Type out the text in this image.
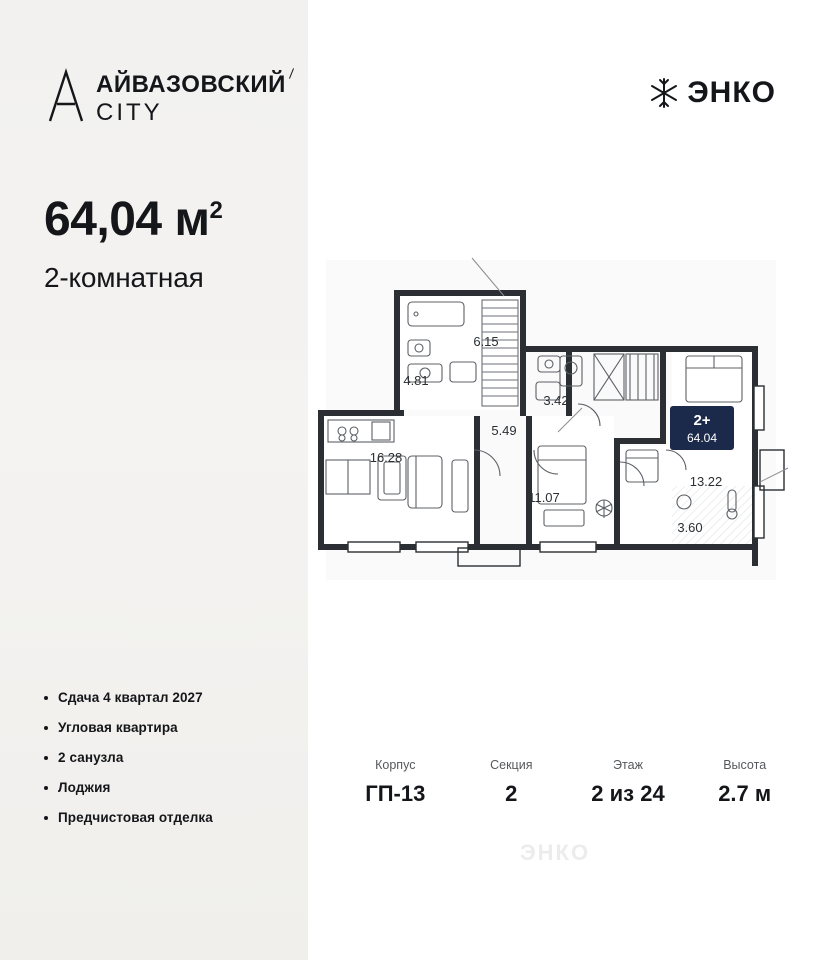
АЙВАЗОВСКИЙ
CITY
64,04 $м^2$
2-комнатная
Сдача 4 квартал 2027
Угловая квартира
2 санузла
Лоджия
Предчистовая отделка
ЭНКО
4.81
6.15
5.49
3.42
16.28
11.07
13.22
3.60
2+
64.04
Корпус
ГП-13
Секция
2
Этаж
2 из 24
Высота
2.7 м
ЭНКО
